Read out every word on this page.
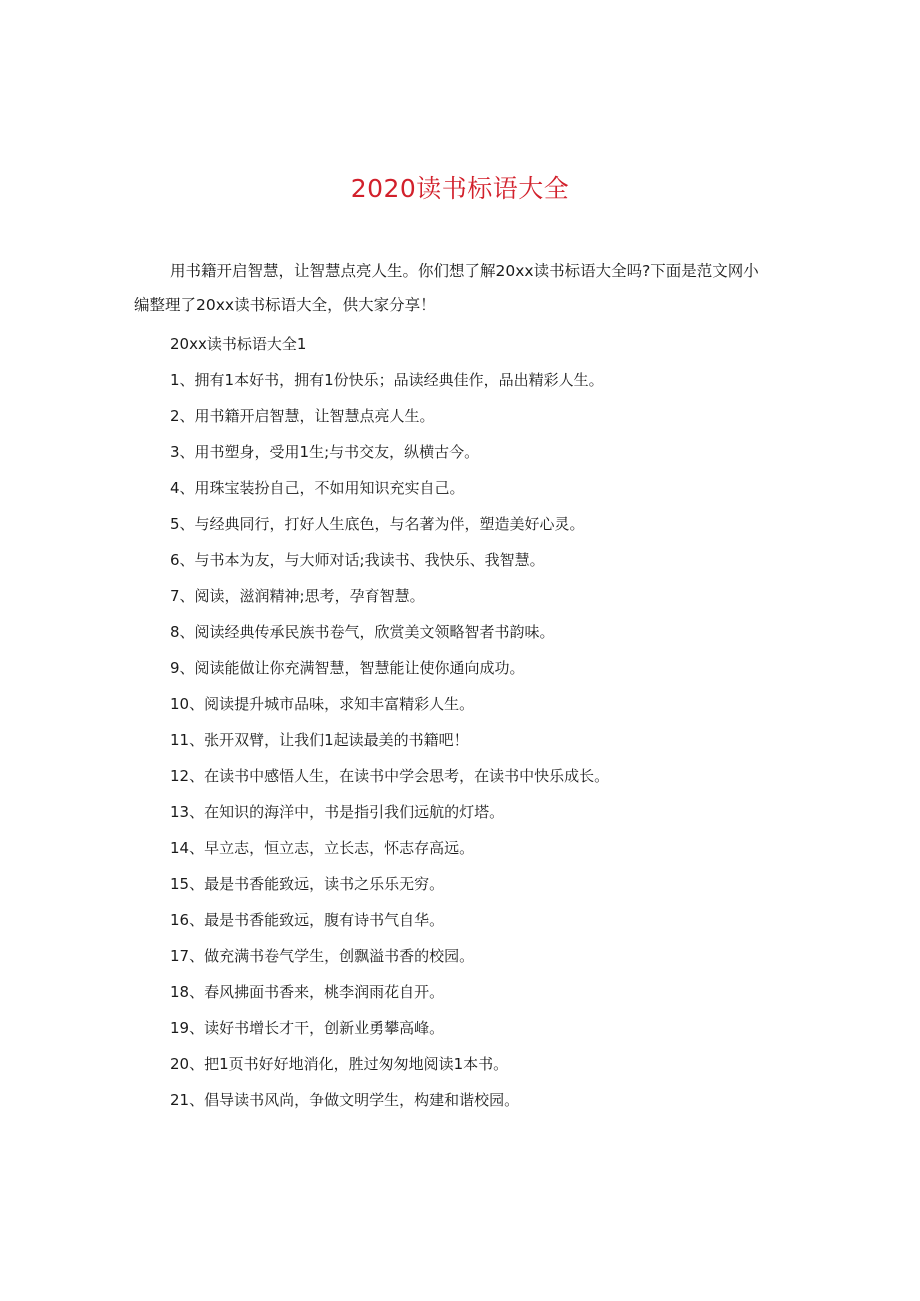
2020读书标语大全

用书籍开启智慧，让智慧点亮人生。你们想了解20xx读书标语大全吗?下面是范文网小编整理了20xx读书标语大全，供大家分享！

20xx读书标语大全1

1、拥有1本好书，拥有1份快乐；品读经典佳作，品出精彩人生。
2、用书籍开启智慧，让智慧点亮人生。
3、用书塑身，受用1生;与书交友，纵横古今。
4、用珠宝装扮自己，不如用知识充实自己。
5、与经典同行，打好人生底色，与名著为伴，塑造美好心灵。
6、与书本为友，与大师对话;我读书、我快乐、我智慧。
7、阅读，滋润精神;思考，孕育智慧。
8、阅读经典传承民族书卷气，欣赏美文领略智者书韵味。
9、阅读能做让你充满智慧，智慧能让使你通向成功。
10、阅读提升城市品味，求知丰富精彩人生。
11、张开双臂，让我们1起读最美的书籍吧！
12、在读书中感悟人生，在读书中学会思考，在读书中快乐成长。
13、在知识的海洋中，书是指引我们远航的灯塔。
14、早立志，恒立志，立长志，怀志存高远。
15、最是书香能致远，读书之乐乐无穷。
16、最是书香能致远，腹有诗书气自华。
17、做充满书卷气学生，创飘溢书香的校园。
18、春风拂面书香来，桃李润雨花自开。
19、读好书增长才干，创新业勇攀高峰。
20、把1页书好好地消化，胜过匆匆地阅读1本书。
21、倡导读书风尚，争做文明学生，构建和谐校园。
